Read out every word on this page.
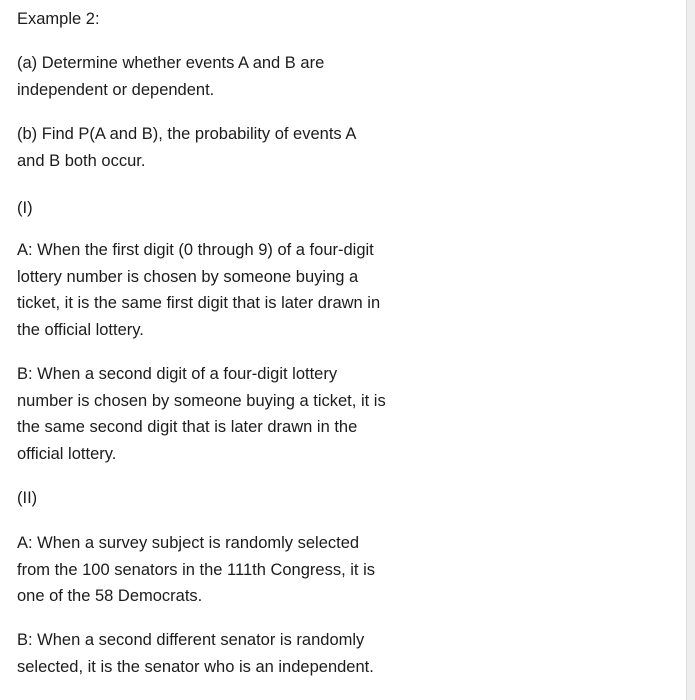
Example 2:

(a) Determine whether events A and B are
independent or dependent.

(b) Find P(A and B), the probability of events A
and B both occur.

(I)

A: When the first digit (0 through 9) of a four-digit
lottery number is chosen by someone buying a
ticket, it is the same first digit that is later drawn in
the official lottery.

B: When a second digit of a four-digit lottery
number is chosen by someone buying a ticket, it is
the same second digit that is later drawn in the
official lottery.

(II)

A: When a survey subject is randomly selected
from the 100 senators in the 111th Congress, it is
one of the 58 Democrats.

B: When a second different senator is randomly
selected, it is the senator who is an independent.
